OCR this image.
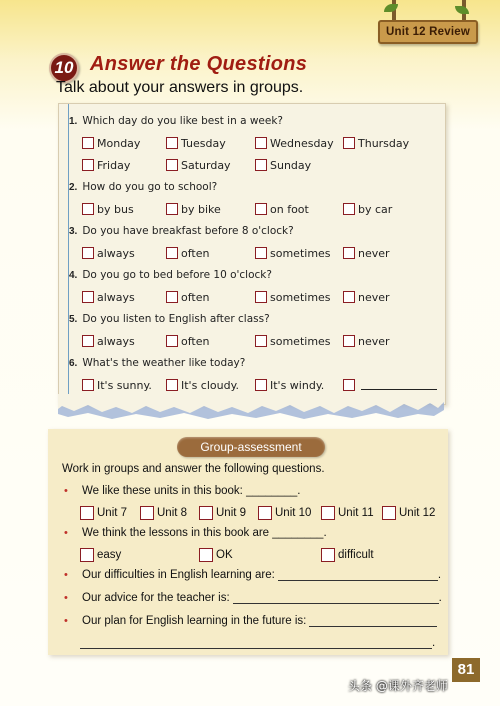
Unit 12 Review
10 Answer the Questions
Talk about your answers in groups.
1. Which day do you like best in a week?
Monday	Tuesday	Wednesday Thursday
Friday	Saturday	Sunday
2. How do you go to school?
by bus	by bike	on foot	by car
3. Do you have breakfast before 8 o'clock?
always	often	sometimes never
4. Do you go to bed before 10 o'clock?
always	often	sometimes never
5. Do you listen to English after class?
always	often	sometimes never
6. What's the weather like today?
It's sunny.	It's cloudy.	It's windy.
Group-assessment
Work in groups and answer the following questions.
•	We like these units in this book: ________.
Unit 7	Unit 8	Unit 9	Unit 10 Unit 11 Unit 12
•	We think the lessons in this book are ________.
easy	OK	difficult
•	Our difficulties in English learning are:	.
•	Our advice for the teacher is:	.
•	Our plan for English learning in the future is:
.
81
头条 @课外齐老师
